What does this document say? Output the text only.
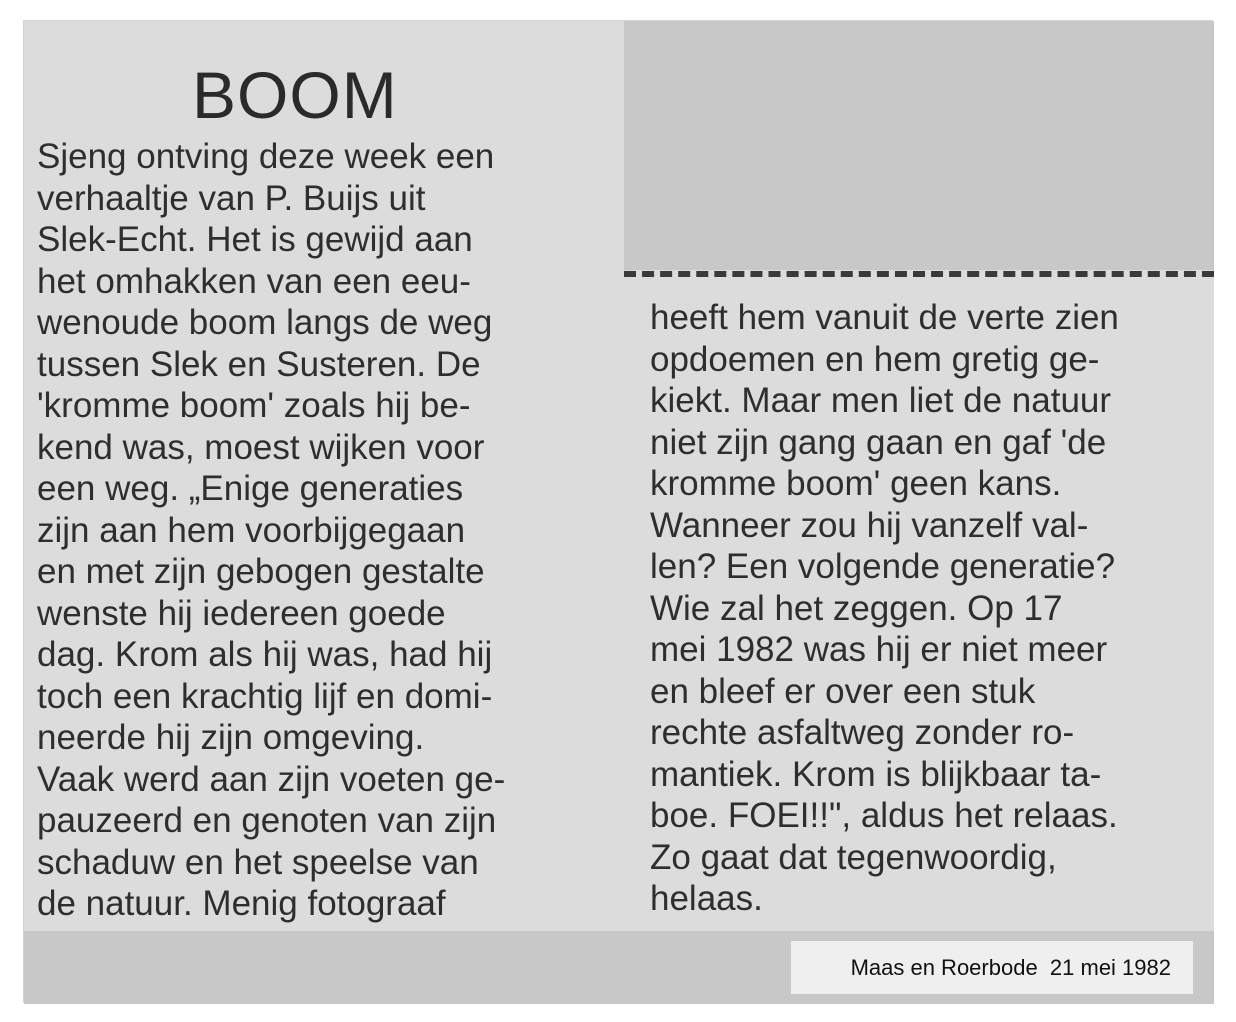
BOOM
Sjeng ontving deze week een
verhaaltje van P. Buijs uit
Slek-Echt. Het is gewijd aan
het omhakken van een eeu-
wenoude boom langs de weg
tussen Slek en Susteren. De
'kromme boom' zoals hij be-
kend was, moest wijken voor
een weg. „Enige generaties
zijn aan hem voorbijgegaan
en met zijn gebogen gestalte
wenste hij iedereen goede
dag. Krom als hij was, had hij
toch een krachtig lijf en domi-
neerde hij zijn omgeving.
Vaak werd aan zijn voeten ge-
pauzeerd en genoten van zijn
schaduw en het speelse van
de natuur. Menig fotograaf
heeft hem vanuit de verte zien
opdoemen en hem gretig ge-
kiekt. Maar men liet de natuur
niet zijn gang gaan en gaf 'de
kromme boom' geen kans.
Wanneer zou hij vanzelf val-
len? Een volgende generatie?
Wie zal het zeggen. Op 17
mei 1982 was hij er niet meer
en bleef er over een stuk
rechte asfaltweg zonder ro-
mantiek. Krom is blijkbaar ta-
boe. FOEI!!", aldus het relaas.
Zo gaat dat tegenwoordig,
helaas.
Maas en Roerbode  21 mei 1982
